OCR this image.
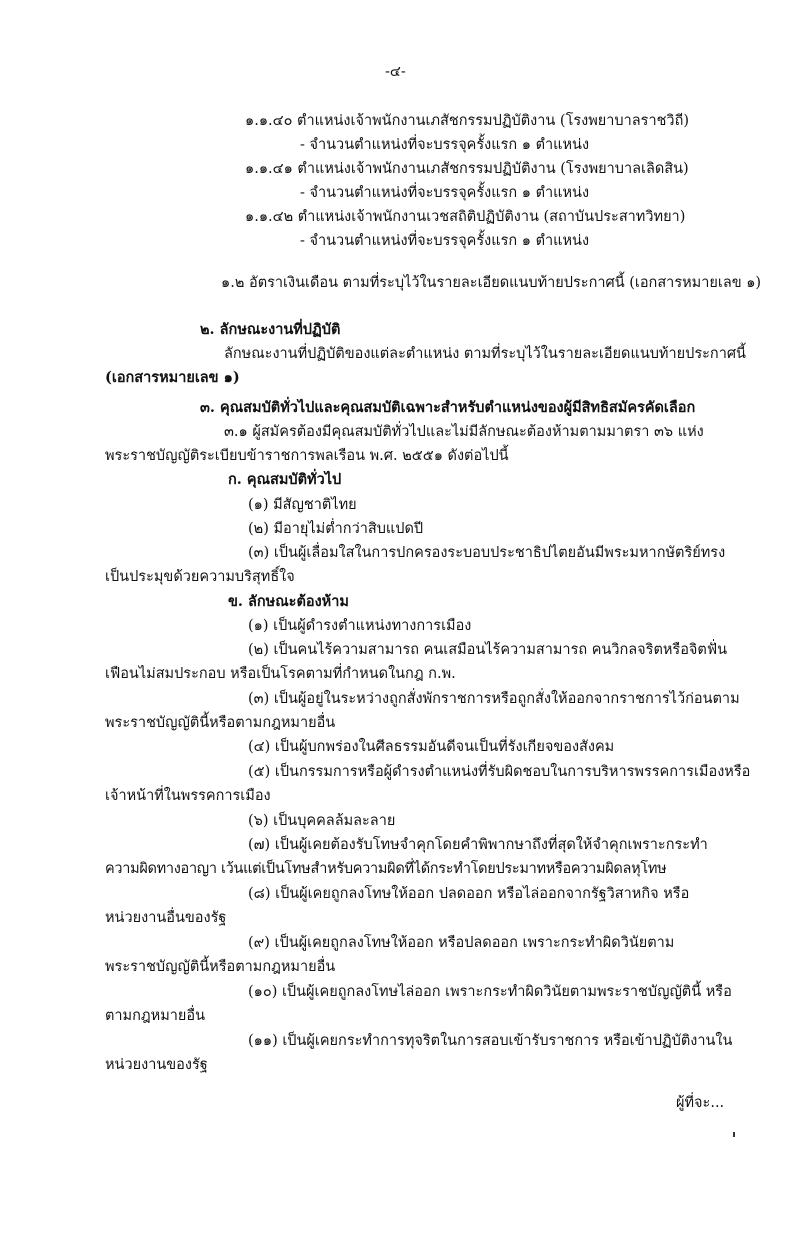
-๔-
๑.๑.๔๐ ตำแหน่งเจ้าพนักงานเภสัชกรรมปฏิบัติงาน (โรงพยาบาลราชวิถี)
- จำนวนตำแหน่งที่จะบรรจุครั้งแรก ๑ ตำแหน่ง
๑.๑.๔๑ ตำแหน่งเจ้าพนักงานเภสัชกรรมปฏิบัติงาน (โรงพยาบาลเลิดสิน)
- จำนวนตำแหน่งที่จะบรรจุครั้งแรก ๑ ตำแหน่ง
๑.๑.๔๒ ตำแหน่งเจ้าพนักงานเวชสถิติปฏิบัติงาน (สถาบันประสาทวิทยา)
- จำนวนตำแหน่งที่จะบรรจุครั้งแรก ๑ ตำแหน่ง
๑.๒ อัตราเงินเดือน ตามที่ระบุไว้ในรายละเอียดแนบท้ายประกาศนี้ (เอกสารหมายเลข ๑)
๒. ลักษณะงานที่ปฏิบัติ
ลักษณะงานที่ปฏิบัติของแต่ละตำแหน่ง ตามที่ระบุไว้ในรายละเอียดแนบท้ายประกาศนี้
(เอกสารหมายเลข ๑)
๓. คุณสมบัติทั่วไปและคุณสมบัติเฉพาะสำหรับตำแหน่งของผู้มีสิทธิสมัครคัดเลือก
๓.๑ ผู้สมัครต้องมีคุณสมบัติทั่วไปและไม่มีลักษณะต้องห้ามตามมาตรา ๓๖ แห่ง
พระราชบัญญัติระเบียบข้าราชการพลเรือน พ.ศ. ๒๕๕๑ ดังต่อไปนี้
ก. คุณสมบัติทั่วไป
(๑) มีสัญชาติไทย
(๒) มีอายุไม่ต่ำกว่าสิบแปดปี
(๓) เป็นผู้เลื่อมใสในการปกครองระบอบประชาธิปไตยอันมีพระมหากษัตริย์ทรง
เป็นประมุขด้วยความบริสุทธิ์ใจ
ข. ลักษณะต้องห้าม
(๑) เป็นผู้ดำรงตำแหน่งทางการเมือง
(๒) เป็นคนไร้ความสามารถ คนเสมือนไร้ความสามารถ คนวิกลจริตหรือจิตฟั่น
เฟือนไม่สมประกอบ หรือเป็นโรคตามที่กำหนดในกฎ ก.พ.
(๓) เป็นผู้อยู่ในระหว่างถูกสั่งพักราชการหรือถูกสั่งให้ออกจากราชการไว้ก่อนตาม
พระราชบัญญัตินี้หรือตามกฎหมายอื่น
(๔) เป็นผู้บกพร่องในศีลธรรมอันดีจนเป็นที่รังเกียจของสังคม
(๕) เป็นกรรมการหรือผู้ดำรงตำแหน่งที่รับผิดชอบในการบริหารพรรคการเมืองหรือ
เจ้าหน้าที่ในพรรคการเมือง
(๖) เป็นบุคคลล้มละลาย
(๗) เป็นผู้เคยต้องรับโทษจำคุกโดยคำพิพากษาถึงที่สุดให้จำคุกเพราะกระทำ
ความผิดทางอาญา เว้นแต่เป็นโทษสำหรับความผิดที่ได้กระทำโดยประมาทหรือความผิดลหุโทษ
(๘) เป็นผู้เคยถูกลงโทษให้ออก ปลดออก หรือไล่ออกจากรัฐวิสาหกิจ หรือ
หน่วยงานอื่นของรัฐ
(๙) เป็นผู้เคยถูกลงโทษให้ออก หรือปลดออก เพราะกระทำผิดวินัยตาม
พระราชบัญญัตินี้หรือตามกฎหมายอื่น
(๑๐) เป็นผู้เคยถูกลงโทษไล่ออก เพราะกระทำผิดวินัยตามพระราชบัญญัตินี้ หรือ
ตามกฎหมายอื่น
(๑๑) เป็นผู้เคยกระทำการทุจริตในการสอบเข้ารับราชการ หรือเข้าปฏิบัติงานใน
หน่วยงานของรัฐ
ผู้ที่จะ...
